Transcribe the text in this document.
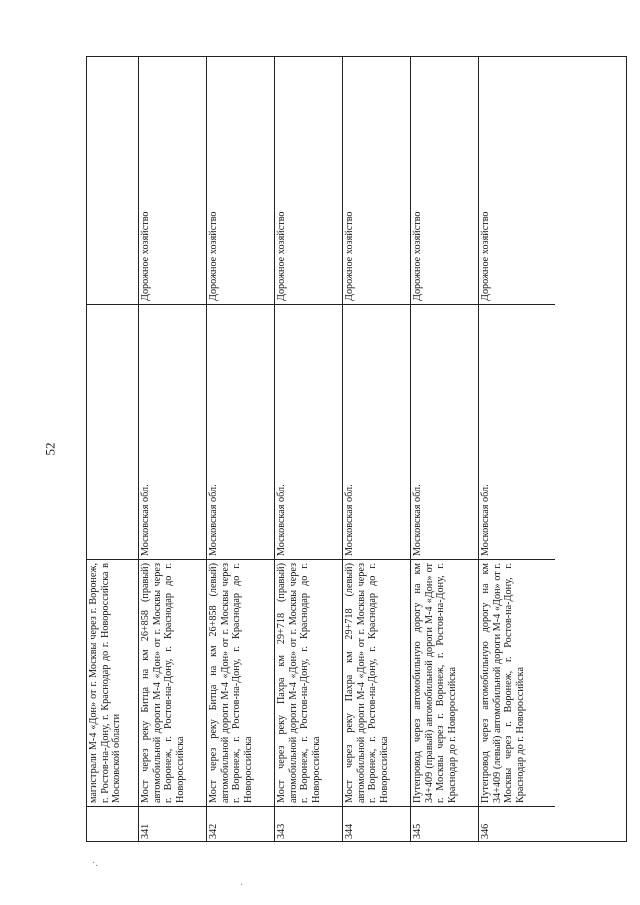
52
·.
·
магистрали М-4 «Дон» от г. Москвы через г. Воронеж, г. Ростов-на-Дону, г. Краснодар до г. Новороссийска в Московской области
341
Мост через реку Битца на км 26+858 (правый) автомобильной дороги М-4 «Дон» от г. Москвы через г. Воронеж, г. Ростов-на-Дону, г. Краснодар до г. Новороссийска
Московская обл.
Дорожное хозяйство
342
Мост через реку Битца на км 26+858 (левый) автомобильной дороги М-4 «Дон» от г. Москвы через г. Воронеж, г. Ростов-на-Дону, г. Краснодар до г. Новороссийска
Московская обл.
Дорожное хозяйство
343
Мост через реку Пахра км 29+718 (правый) автомобильной дороги М-4 «Дон» от г. Москвы через г. Воронеж, г. Ростов-на-Дону, г. Краснодар до г. Новороссийска
Московская обл.
Дорожное хозяйство
344
Мост через реку Пахра км 29+718 (левый) автомобильной дороги М-4 «Дон» от г. Москвы через г. Воронеж, г. Ростов-на-Дону, г. Краснодар до г. Новороссийска
Московская обл.
Дорожное хозяйство
345
Путепровод через автомобильную дорогу на км 34+409 (правый) автомобильной дороги М-4 «Дон» от г. Москвы через г. Воронеж, г. Ростов-на-Дону, г. Краснодар до г. Новороссийска
Московская обл.
Дорожное хозяйство
346
Путепровод через автомобильную дорогу на км 34+409 (левый) автомобильной дороги М-4 «Дон» от г. Москвы через г. Воронеж, г. Ростов-на-Дону, г. Краснодар до г. Новороссийска
Московская обл.
Дорожное хозяйство
